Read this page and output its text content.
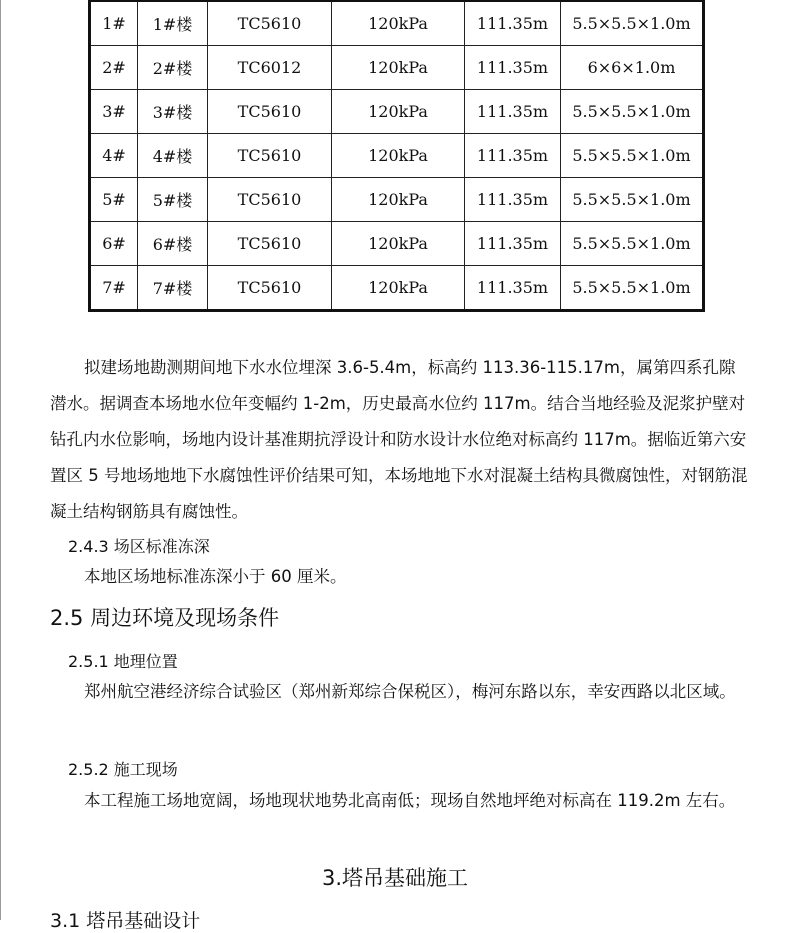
1#	1#楼	TC5610	120kPa	111.35m	5.5×5.5×1.0m
2#	2#楼	TC6012	120kPa	111.35m	6×6×1.0m
3#	3#楼	TC5610	120kPa	111.35m	5.5×5.5×1.0m
4#	4#楼	TC5610	120kPa	111.35m	5.5×5.5×1.0m
5#	5#楼	TC5610	120kPa	111.35m	5.5×5.5×1.0m
6#	6#楼	TC5610	120kPa	111.35m	5.5×5.5×1.0m
7#	7#楼	TC5610	120kPa	111.35m	5.5×5.5×1.0m

拟建场地勘测期间地下水水位埋深 3.6-5.4m，标高约 113.36-115.17m，属第四系孔隙潜水。据调查本场地水位年变幅约 1-2m，历史最高水位约 117m。结合当地经验及泥浆护壁对钻孔内水位影响，场地内设计基准期抗浮设计和防水设计水位绝对标高约 117m。据临近第六安置区 5 号地场地地下水腐蚀性评价结果可知，本场地地下水对混凝土结构具微腐蚀性，对钢筋混凝土结构钢筋具有腐蚀性。

2.4.3 场区标准冻深

本地区场地标准冻深小于 60 厘米。

2.5 周边环境及现场条件
2.5.1 地理位置

郑州航空港经济综合试验区（郑州新郑综合保税区），梅河东路以东，幸安西路以北区域。

2.5.2 施工现场

本工程施工场地宽阔，场地现状地势北高南低；现场自然地坪绝对标高在 119.2m 左右。

3.塔吊基础施工
3.1 塔吊基础设计
